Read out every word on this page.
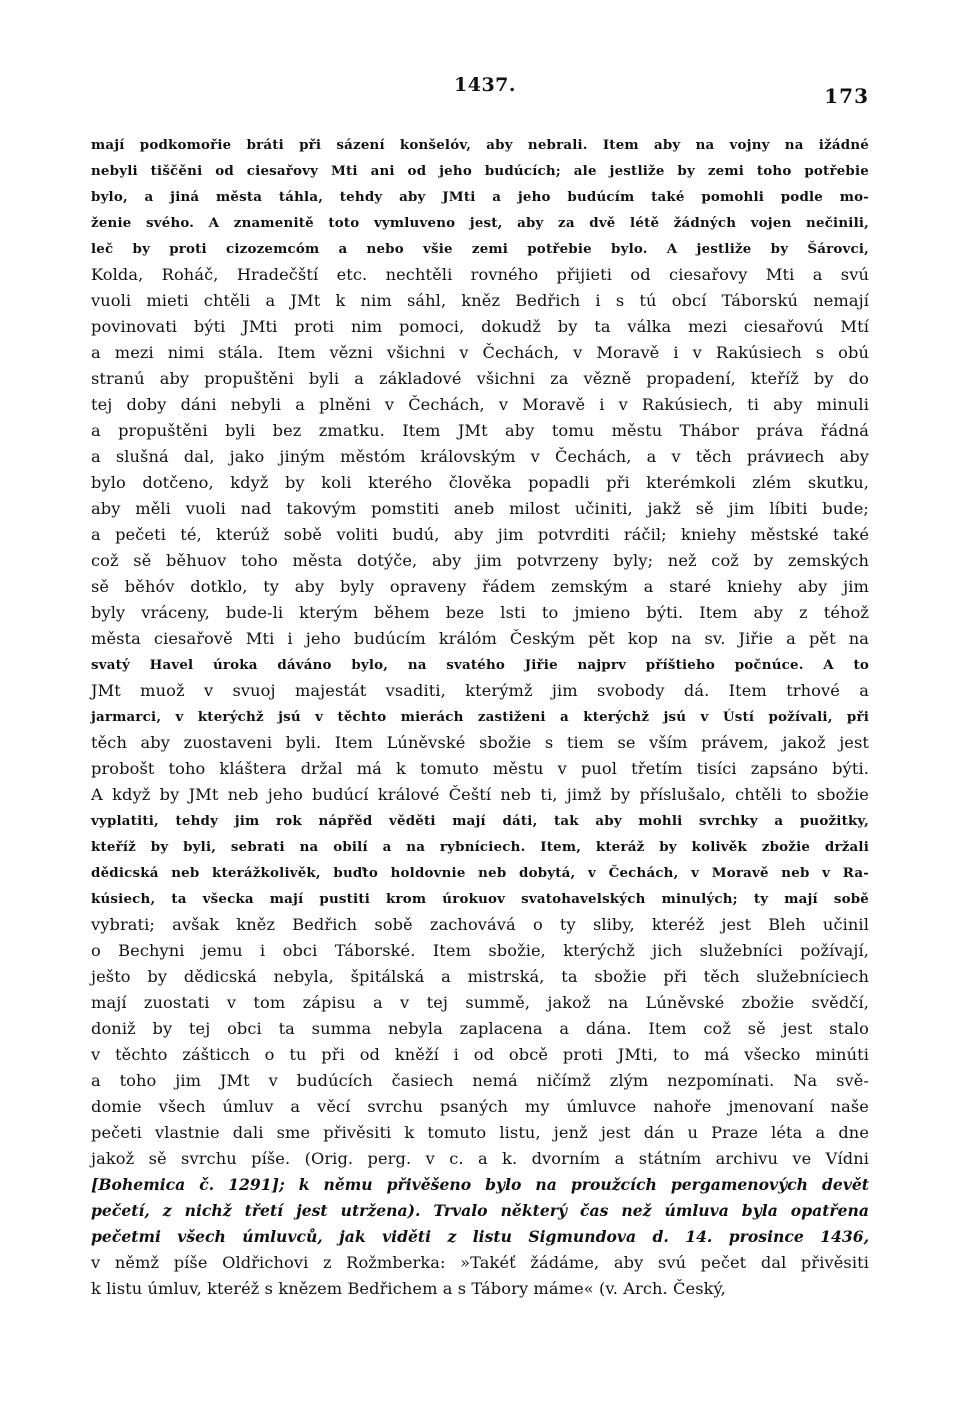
1437.	173
mají podkomořie bráti při sázení konšelóv, aby nebrali. Item aby na vojny na ižádné
nebyli tiščěni od ciesařovy Mti ani od jeho budúcích; ale jestliže by zemi toho potřebie
bylo, a jiná města táhla, tehdy aby JMti a jeho budúcím také pomohli podle mo-
ženie svého. A znamenitě toto vymluveno jest, aby za dvě létě žádných vojen nečinili,
leč by proti cizozemcóm a nebo všie zemi potřebie bylo. A jestliže by Šárovci,
Kolda, Roháč, Hradečští etc. nechtěli rovného přijieti od ciesařovy Mti a svú
vuoli mieti chtěli a JMt k nim sáhl, kněz Bedřich i s tú obcí Táborskú nemají
povinovati býti JMti proti nim pomoci, dokudž by ta válka mezi ciesařovú Mtí
a mezi nimi stála. Item vězni všichni v Čechách, v Moravě i v Rakúsiech s obú
stranú aby propuštěni byli a základové všichni za vězně propadení, kteříž by do
tej doby dáni nebyli a plněni v Čechách, v Moravě i v Rakúsiech, ti aby minuli
a propuštěni byli bez zmatku. Item JMt aby tomu městu Thábor práva řádná
a slušná dal, jako jiným městóm královským v Čechách, a v těch právиech aby
bylo dotčeno, když by koli kterého člověka popadli při kterémkoli zlém skutku,
aby měli vuoli nad takovým pomstiti aneb milost učiniti, jakž sě jim líbiti bude;
a pečeti té, kterúž sobě voliti budú, aby jim potvrditi ráčil; kniehy městské také
což sě běhuov toho města dotýče, aby jim potvrzeny byly; než což by zemských
sě běhóv dotklo, ty aby byly opraveny řádem zemským a staré kniehy aby jim
byly vráceny, bude-li kterým během beze lsti to jmieno býti. Item aby z téhož
města ciesařově Mti i jeho budúcím králóm Českým pět kop na sv. Jiřie a pět na
svatý Havel úroka dáváno bylo, na svatého Jiřie najprv příštieho počnúce. A to
JMt muož v svuoj majestát vsaditi, kterýmž jim svobody dá. Item trhové a
jarmarci, v kterýchž jsú v těchto mierách zastiženi a kterýchž jsú v Ústí požívali, při
těch aby zuostaveni byli. Item Lúněvské sbožie s tiem se vším právem, jakož jest
probošt toho kláštera držal má k tomuto městu v puol třetím tisíci zapsáno býti.
A když by JMt neb jeho budúcí králové Čeští neb ti, jimž by příslušalo, chtěli to sbožie
vyplatiti, tehdy jim rok nápřěd věděti mají dáti, tak aby mohli svrchky a puožitky,
kteříž by byli, sebrati na obilí a na rybnícieсh. Item, kteráž by kolivěk zbožie držali
dědicská neb kterážkolivěk, buďto holdovnie neb dobytá, v Čechách, v Moravě neb v Ra-
kúsiech, ta všecka mají pustiti krom úrokuov svatohavelských minulých; ty mají sobě
vybrati; avšak kněz Bedřich sobě zachovává o ty sliby, kteréž jest Bleh učinil
o Bechyni jemu i obci Táborské. Item sbožie, kterýchž jich služebníci požívají,
ješto by dědicská nebyla, špitálská a mistrská, ta sbožie při těch služebníciech
mají zuostati v tom zápisu a v tej summě, jakož na Lúněvské zbožie svědčí,
doniž by tej obci ta summa nebyla zaplacena a dána. Item což sě jest stalo
v těchto zášticch o tu při od kněží i od obcě proti JMti, to má všecko minúti
a toho jim JMt v budúcích časiech nemá ničímž zlým nezpomínati. Na svě-
domie všech úmluv a věcí svrchu psaných my úmluvce nahoře jmenovaní naše
pečeti vlastnie dali sme přivěsiti k tomuto listu, jenž jest dán u Praze léta a dne
jakož sě svrchu píše. (Orig. perg. v c. a k. dvorním a státním archivu ve Vídni
[Bohemica č. 1291]; k němu přivěšeno bylo na proužcích pergamenových devět
pečetí, z nichž třetí jest utržena). Trvalo některý čas než úmluva byla opatřena
pečetmi všech úmluvců, jak viděti z listu Sigmundova d. 14. prosince 1436,
v němž píše Oldřichovi z Rožmberka: »Takéť žádáme, aby svú pečet dal přivěsiti
k listu úmluv, kteréž s knězem Bedřichem a s Tábory máme« (v. Arch. Český,
